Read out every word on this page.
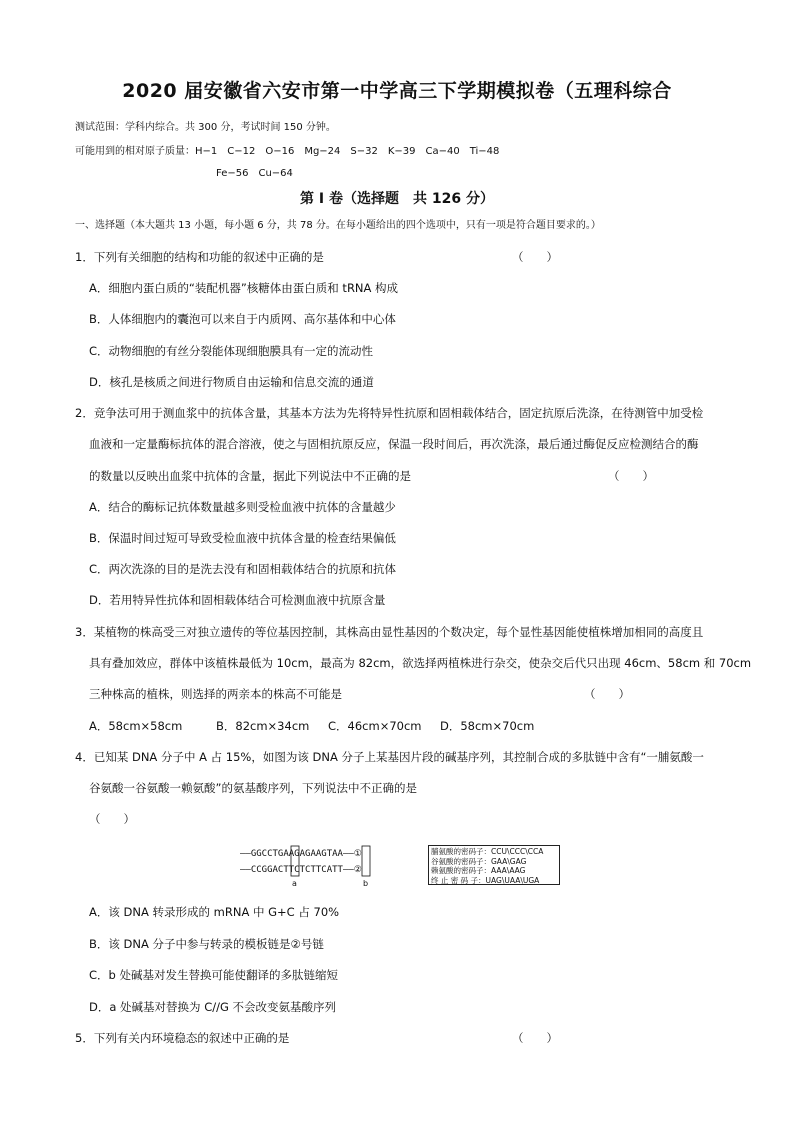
2020 届安徽省六安市第一中学高三下学期模拟卷（五理科综合
测试范围：学科内综合。共 300 分，考试时间 150 分钟。
可能用到的相对原子质量：H−1　C−12　O−16　Mg−24　S−32　K−39　Ca−40　Ti−48
Fe−56　Cu−64
第 I 卷（选择题　共 126 分）
一、选择题（本大题共 13 小题，每小题 6 分，共 78 分。在每小题给出的四个选项中，只有一项是符合题目要求的。）
1．下列有关细胞的结构和功能的叙述中正确的是	（　　）
A．细胞内蛋白质的“装配机器”核糖体由蛋白质和 tRNA 构成
B．人体细胞内的囊泡可以来自于内质网、高尔基体和中心体
C．动物细胞的有丝分裂能体现细胞膜具有一定的流动性
D．核孔是核质之间进行物质自由运输和信息交流的通道
2．竞争法可用于测血浆中的抗体含量，其基本方法为先将特异性抗原和固相载体结合，固定抗原后洗涤，在待测管中加受检
血液和一定量酶标抗体的混合溶液，使之与固相抗原反应，保温一段时间后，再次洗涤，最后通过酶促反应检测结合的酶
的数量以反映出血浆中抗体的含量，据此下列说法中不正确的是	（　　）
A．结合的酶标记抗体数量越多则受检血液中抗体的含量越少
B．保温时间过短可导致受检血液中抗体含量的检查结果偏低
C．两次洗涤的目的是洗去没有和固相载体结合的抗原和抗体
D．若用特异性抗体和固相载体结合可检测血液中抗原含量
3．某植物的株高受三对独立遗传的等位基因控制，其株高由显性基因的个数决定，每个显性基因能使植株增加相同的高度且
具有叠加效应，群体中该植株最低为 10cm，最高为 82cm，欲选择两植株进行杂交，使杂交后代只出现 46cm、58cm 和 70cm
三种株高的植株，则选择的两亲本的株高不可能是	（　　）
A．58cm×58cm	B．82cm×34cm C．46cm×70cm D．58cm×70cm
4．已知某 DNA 分子中 A 占 15%，如图为该 DNA 分子上某基因片段的碱基序列，其控制合成的多肽链中含有“一脯氨酸一
谷氨酸一谷氨酸一赖氨酸”的氨基酸序列，下列说法中不正确的是
（　　）
——GGCCTGAAGAGAAGTAA——①
——CCGGACTTCTCTTCATT——②
a	b
脯氨酸的密码子：CCU\CCC\CCA
谷氨酸的密码子：GAA\GAG
赖氨酸的密码子：AAA\AAG
终 止 密 码 子：UAG\UAA\UGA
A．该 DNA 转录形成的 mRNA 中 G+C 占 70%
B．该 DNA 分子中参与转录的模板链是②号链
C．b 处碱基对发生替换可能使翻译的多肽链缩短
D．a 处碱基对替换为 C//G 不会改变氨基酸序列
5．下列有关内环境稳态的叙述中正确的是	（　　）
